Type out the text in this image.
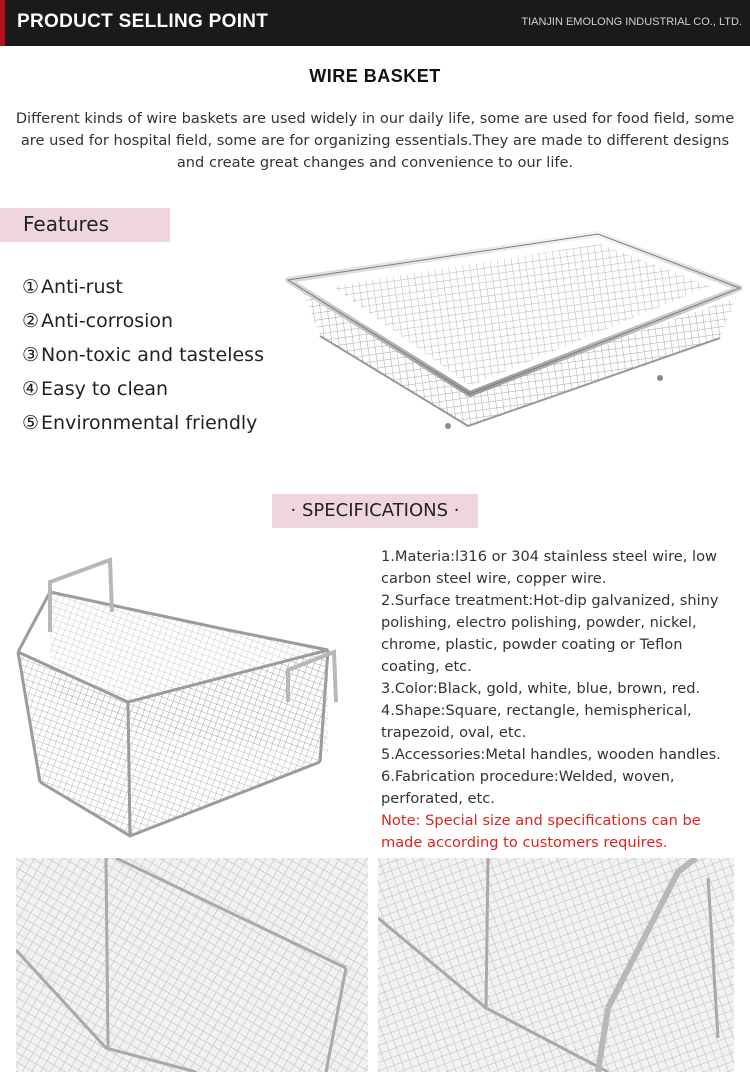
PRODUCT SELLING POINT	TIANJIN EMOLONG INDUSTRIAL CO., LTD.
WIRE BASKET
Different kinds of wire baskets are used widely in our daily life, some are used for food field, some are used for hospital field, some are for organizing essentials.They are made to different designs and create great changes and convenience to our life.
Features
① Anti-rust
② Anti-corrosion
③ Non-toxic and tasteless
④ Easy to clean
⑤ Environmental friendly
· SPECIFICATIONS ·

1.Materia:l316 or 304 stainless steel wire, low carbon steel wire, copper wire.

2.Surface treatment:Hot-dip galvanized, shiny polishing, electro polishing, powder, nickel, chrome, plastic, powder coating or Teflon coating, etc.

3.Color:Black, gold, white, blue, brown, red.

4.Shape:Square, rectangle, hemispherical, trapezoid, oval, etc.

5.Accessories:Metal handles, wooden handles.

6.Fabrication procedure:Welded, woven, perforated, etc.

Note: Special size and specifications can be made according to customers requires.
